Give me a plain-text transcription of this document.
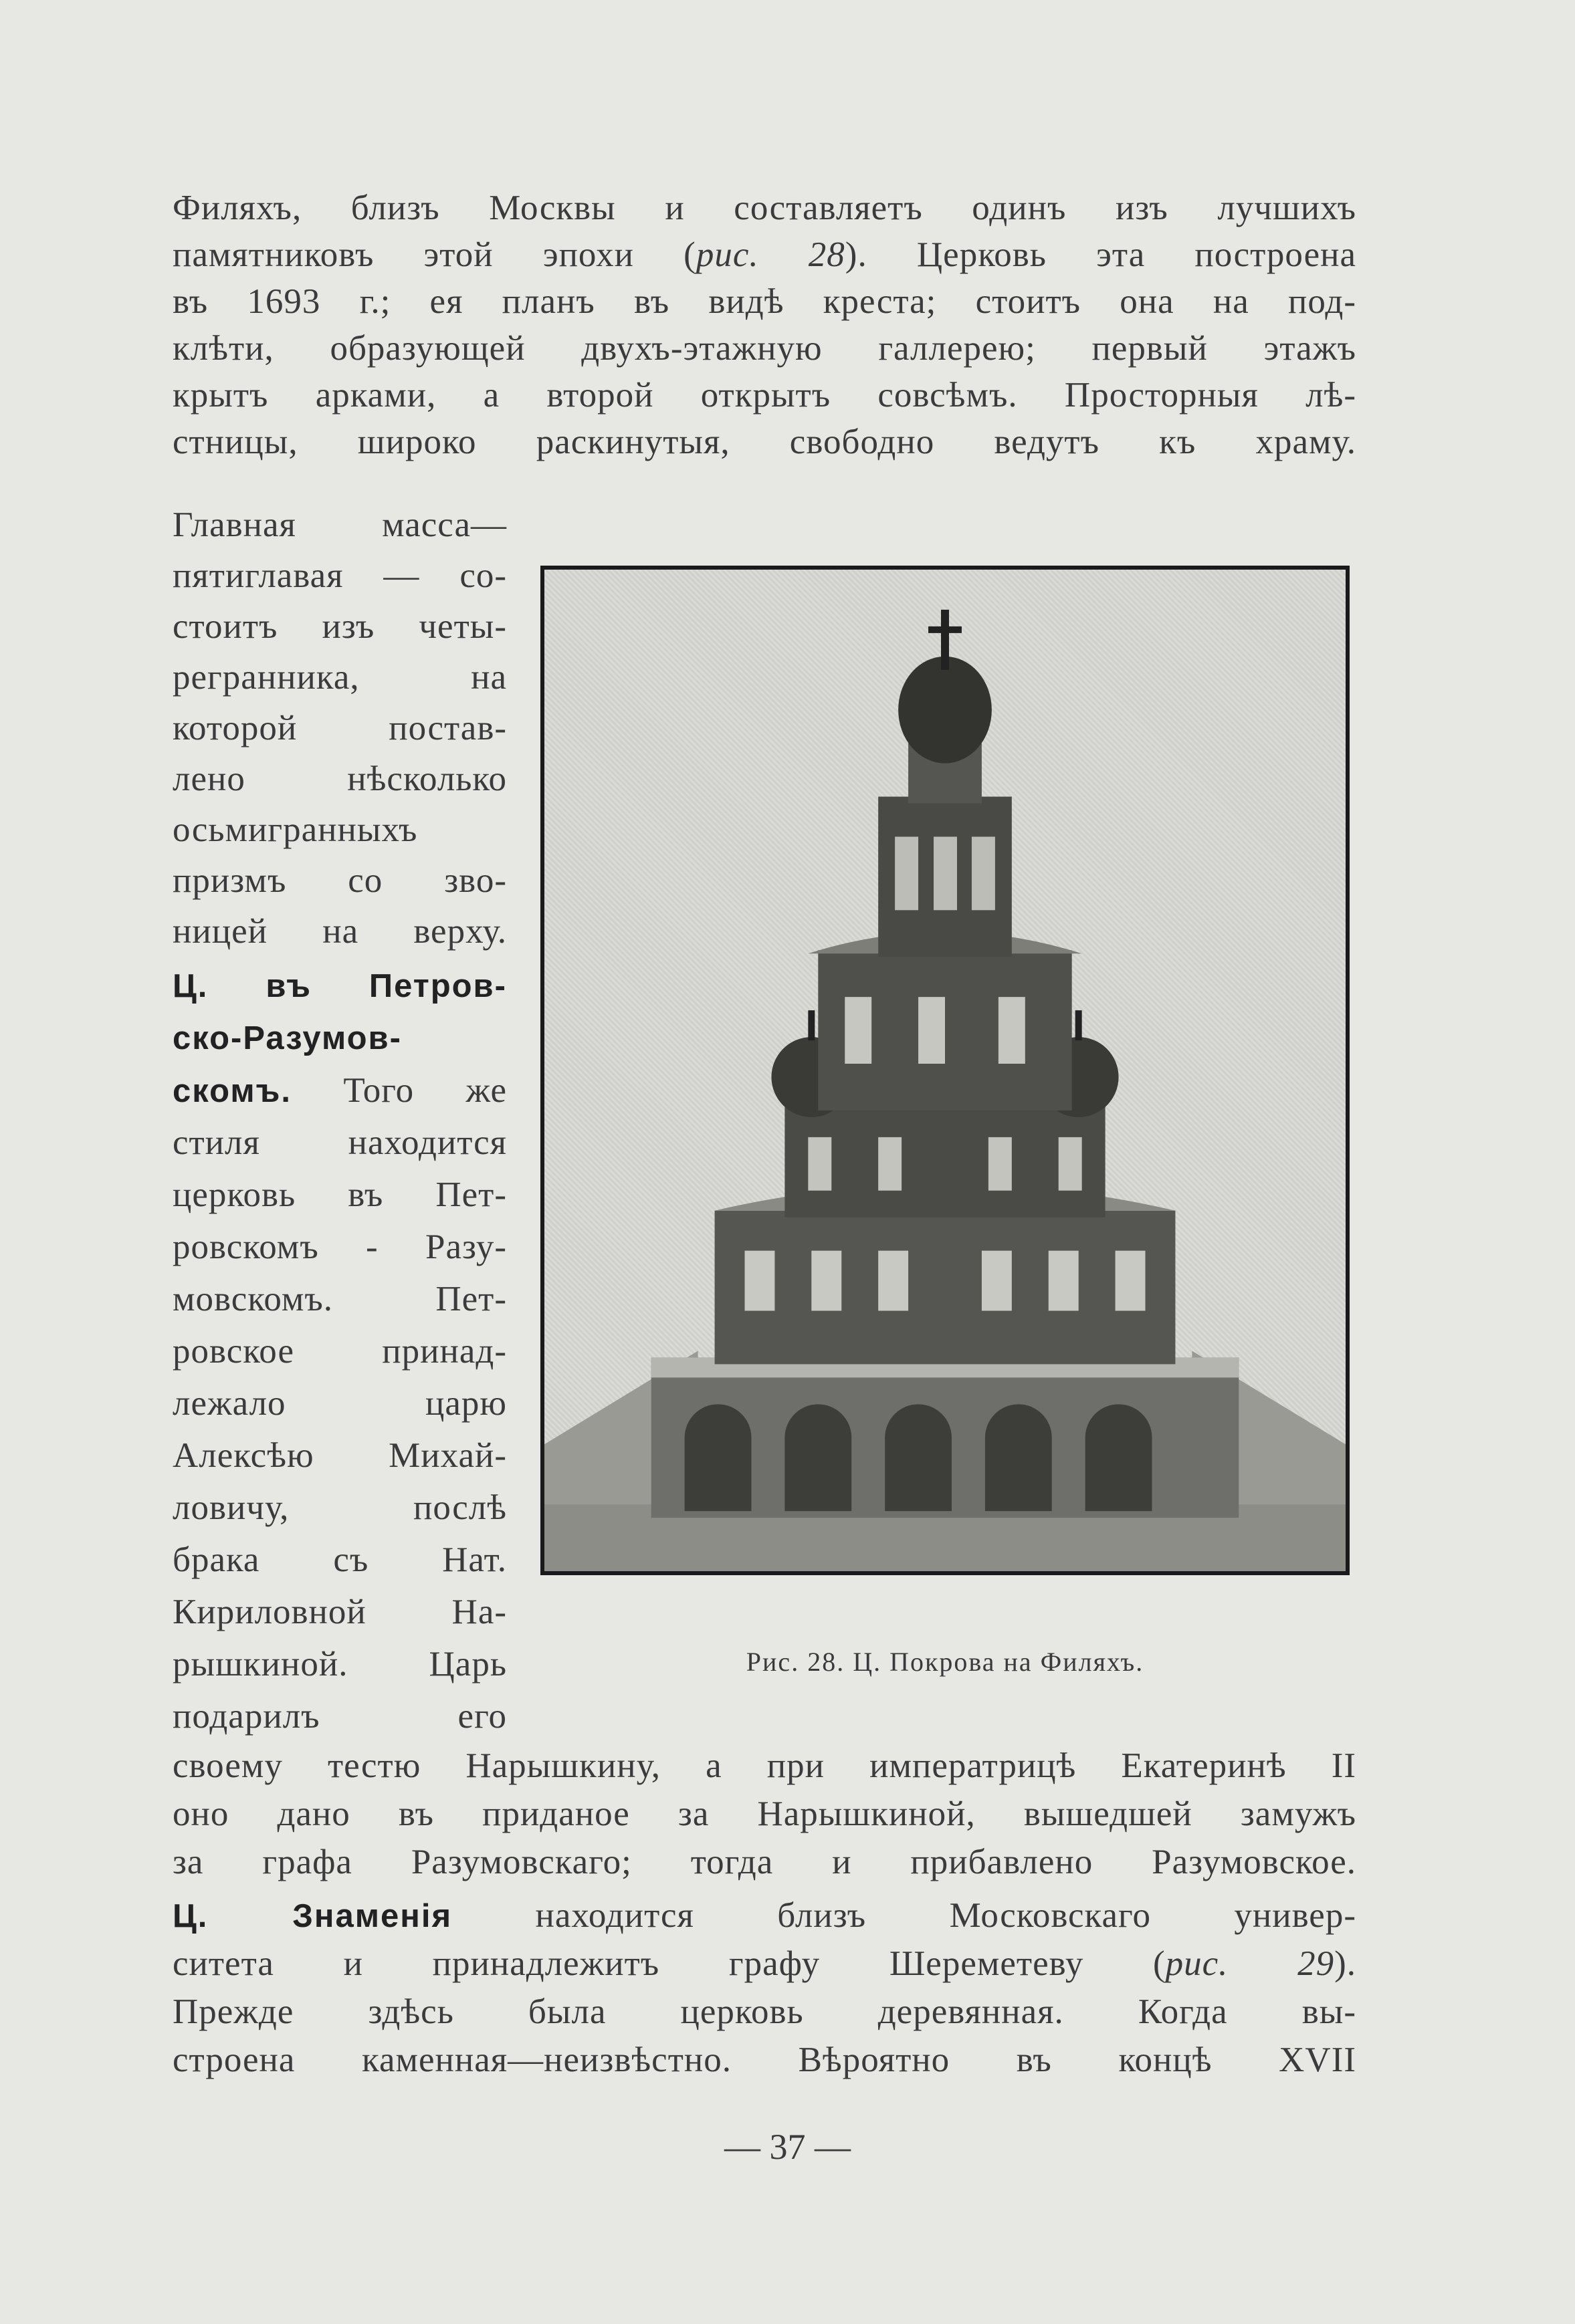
Филяхъ, близъ Москвы и составляетъ одинъ изъ лучшихъ
памятниковъ этой эпохи (рис. 28). Церковь эта построена
въ 1693 г.; ея планъ въ видѣ креста; стоитъ она на под-
клѣти, образующей двухъ-этажную галлерею; первый этажъ
крытъ арками, а второй открытъ совсѣмъ. Просторныя лѣ-
стницы, широко раскинутыя, свободно ведутъ къ храму.
Главная масса—
пятиглавая — со-
стоитъ изъ четы-
регранника, на
которой постав-
лено нѣсколько
осьмигранныхъ
призмъ со зво-
ницей на верху.
Ц. въ Петров-
ско-Разумов-
скомъ. Того же
стиля находится
церковь въ Пет-
ровскомъ - Разу-
мовскомъ. Пет-
ровское принад-
лежало царю
Алексѣю Михай-
ловичу, послѣ
брака съ Нат.
Кириловной На-
рышкиной. Царь
подарилъ его
Рис. 28. Ц. Покрова на Филяхъ.
своему тестю Нарышкину, а при императрицѣ Екатеринѣ II
оно дано въ приданое за Нарышкиной, вышедшей замужъ
за графа Разумовскаго; тогда и прибавлено Разумовское.
Ц. Знаменія находится близъ Московскаго универ-
ситета и принадлежитъ графу Шереметеву (рис. 29).
Прежде здѣсь была церковь деревянная. Когда вы-
строена каменная—неизвѣстно. Вѣроятно въ концѣ XVII
— 37 —
